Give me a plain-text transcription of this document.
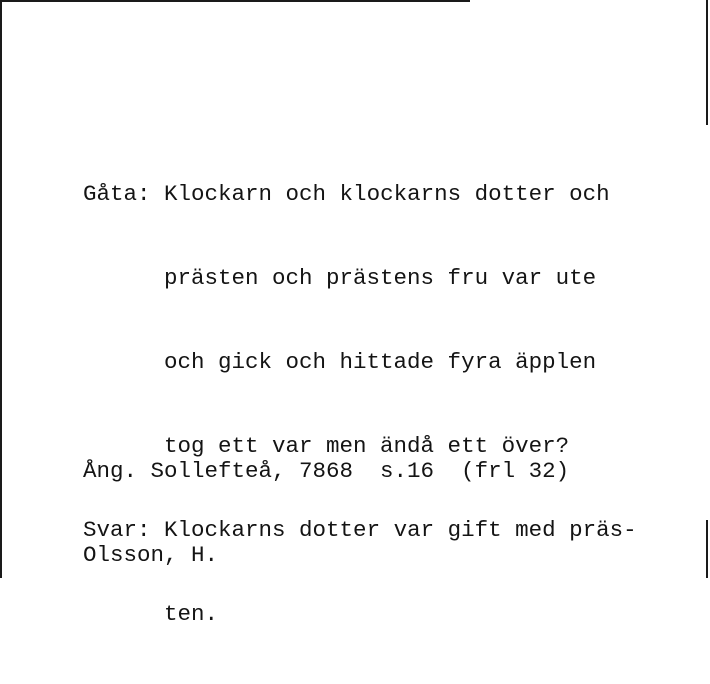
Gåta: Klockarn och klockarns dotter och

prästen och prästens fru var ute

och gick och hittade fyra äpplen

tog ett var men ändå ett över?

Svar: Klockarns dotter var gift med präs-

ten.

Ång. Sollefteå, 7868  s.16  (frl 32)

Olsson, H.
